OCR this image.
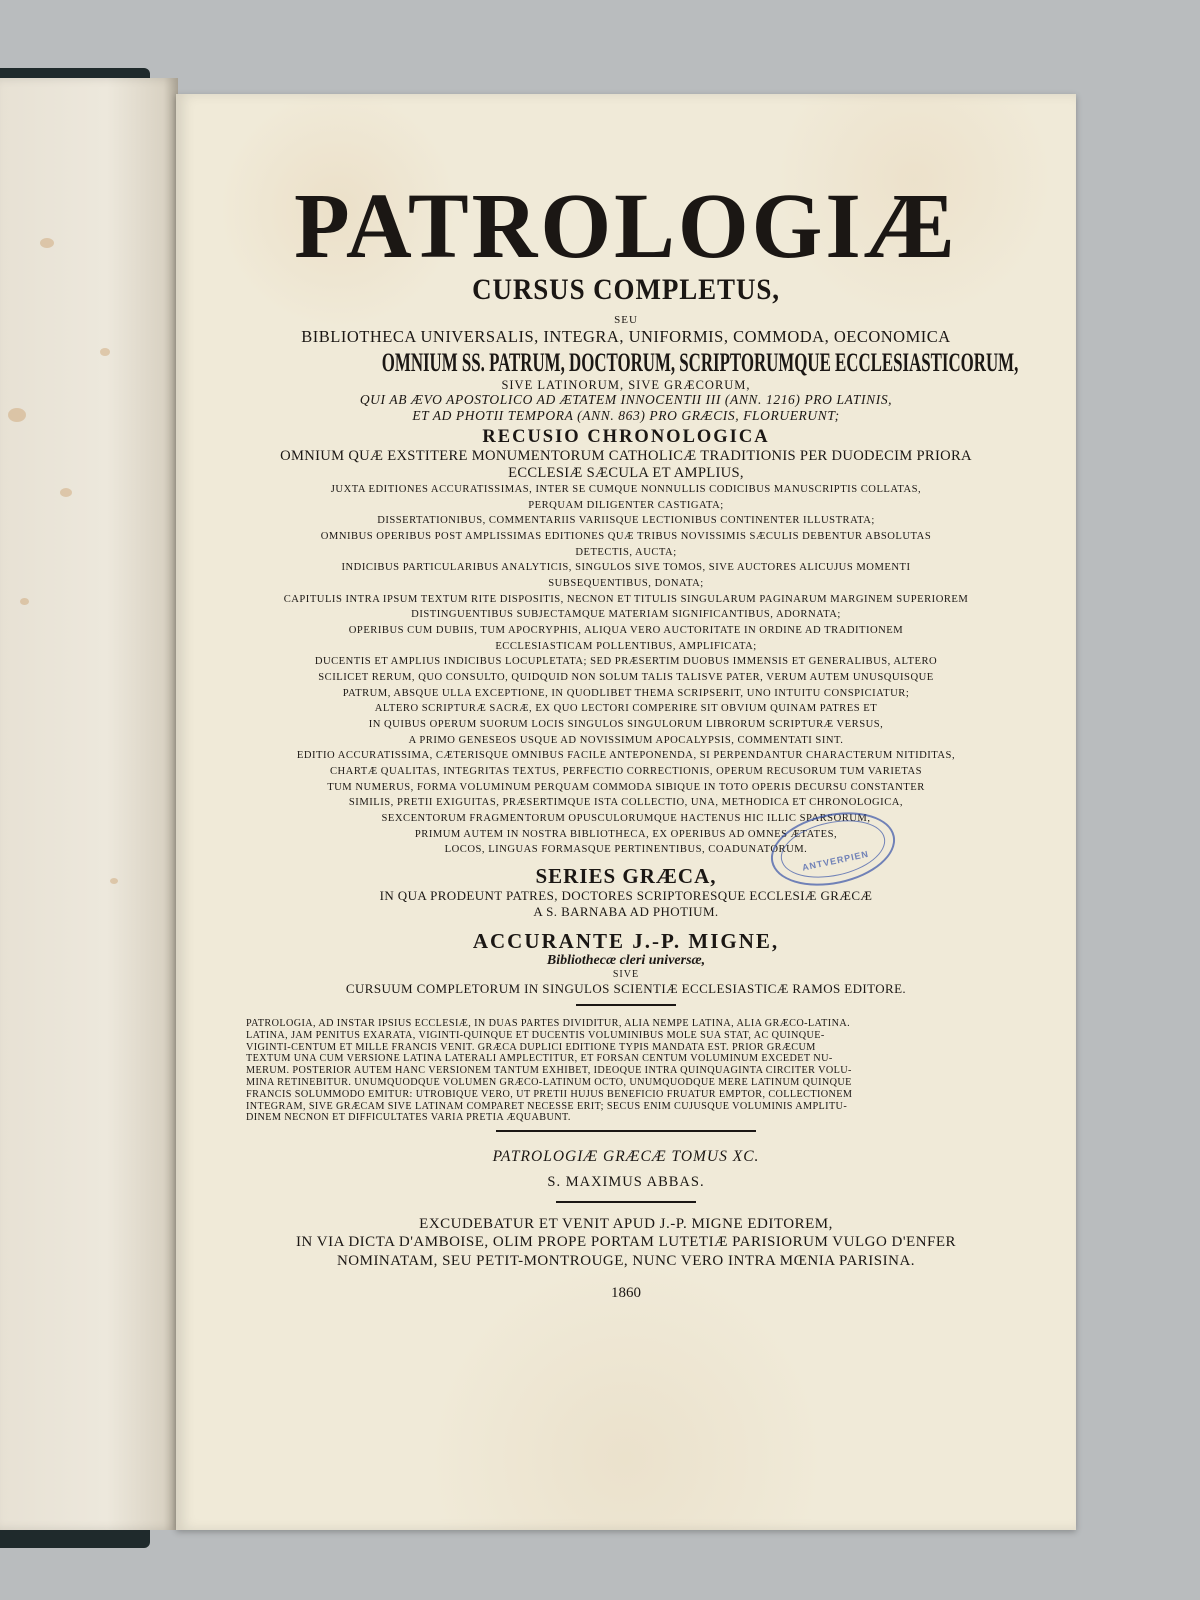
PATROLOGIÆ
CURSUS COMPLETUS,
SEU
BIBLIOTHECA UNIVERSALIS, INTEGRA, UNIFORMIS, COMMODA, OECONOMICA
OMNIUM SS. PATRUM, DOCTORUM, SCRIPTORUMQUE ECCLESIASTICORUM,
SIVE LATINORUM, SIVE GRÆCORUM,
QUI AB ÆVO APOSTOLICO AD ÆTATEM INNOCENTII III (ANN. 1216) PRO LATINIS,
ET AD PHOTII TEMPORA (ANN. 863) PRO GRÆCIS, FLORUERUNT;
RECUSIO CHRONOLOGICA
OMNIUM QUÆ EXSTITERE MONUMENTORUM CATHOLICÆ TRADITIONIS PER DUODECIM PRIORA
ECCLESIÆ SÆCULA ET AMPLIUS,
JUXTA EDITIONES ACCURATISSIMAS, INTER SE CUMQUE NONNULLIS CODICIBUS MANUSCRIPTIS COLLATAS,
PERQUAM DILIGENTER CASTIGATA;
DISSERTATIONIBUS, COMMENTARIIS VARIISQUE LECTIONIBUS CONTINENTER ILLUSTRATA;
OMNIBUS OPERIBUS POST AMPLISSIMAS EDITIONES QUÆ TRIBUS NOVISSIMIS SÆCULIS DEBENTUR ABSOLUTAS
DETECTIS, AUCTA;
INDICIBUS PARTICULARIBUS ANALYTICIS, SINGULOS SIVE TOMOS, SIVE AUCTORES ALICUJUS MOMENTI
SUBSEQUENTIBUS, DONATA;
CAPITULIS INTRA IPSUM TEXTUM RITE DISPOSITIS, NECNON ET TITULIS SINGULARUM PAGINARUM MARGINEM SUPERIOREM
DISTINGUENTIBUS SUBJECTAMQUE MATERIAM SIGNIFICANTIBUS, ADORNATA;
OPERIBUS CUM DUBIIS, TUM APOCRYPHIS, ALIQUA VERO AUCTORITATE IN ORDINE AD TRADITIONEM
ECCLESIASTICAM POLLENTIBUS, AMPLIFICATA;
DUCENTIS ET AMPLIUS INDICIBUS LOCUPLETATA; SED PRÆSERTIM DUOBUS IMMENSIS ET GENERALIBUS, ALTERO
SCILICET RERUM, QUO CONSULTO, QUIDQUID NON SOLUM TALIS TALISVE PATER, VERUM AUTEM UNUSQUISQUE
PATRUM, ABSQUE ULLA EXCEPTIONE, IN QUODLIBET THEMA SCRIPSERIT, UNO INTUITU CONSPICIATUR;
ALTERO SCRIPTURÆ SACRÆ, EX QUO LECTORI COMPERIRE SIT OBVIUM QUINAM PATRES ET
IN QUIBUS OPERUM SUORUM LOCIS SINGULOS SINGULORUM LIBRORUM SCRIPTURÆ VERSUS,
A PRIMO GENESEOS USQUE AD NOVISSIMUM APOCALYPSIS, COMMENTATI SINT.
EDITIO ACCURATISSIMA, CÆTERISQUE OMNIBUS FACILE ANTEPONENDA, SI PERPENDANTUR CHARACTERUM NITIDITAS,
CHARTÆ QUALITAS, INTEGRITAS TEXTUS, PERFECTIO CORRECTIONIS, OPERUM RECUSORUM TUM VARIETAS
TUM NUMERUS, FORMA VOLUMINUM PERQUAM COMMODA SIBIQUE IN TOTO OPERIS DECURSU CONSTANTER
SIMILIS, PRETII EXIGUITAS, PRÆSERTIMQUE ISTA COLLECTIO, UNA, METHODICA ET CHRONOLOGICA,
SEXCENTORUM FRAGMENTORUM OPUSCULORUMQUE HACTENUS HIC ILLIC SPARSORUM,
PRIMUM AUTEM IN NOSTRA BIBLIOTHECA, EX OPERIBUS AD OMNES ÆTATES,
LOCOS, LINGUAS FORMASQUE PERTINENTIBUS, COADUNATORUM.
SERIES GRÆCA,
IN QUA PRODEUNT PATRES, DOCTORES SCRIPTORESQUE ECCLESIÆ GRÆCÆ
A S. BARNABA AD PHOTIUM.
ACCURANTE J.-P. MIGNE,
Bibliothecæ cleri universæ,
SIVE
CURSUUM COMPLETORUM IN SINGULOS SCIENTIÆ ECCLESIASTICÆ RAMOS EDITORE.
PATROLOGIA, AD INSTAR IPSIUS ECCLESIÆ, IN DUAS PARTES DIVIDITUR, ALIA NEMPE LATINA, ALIA GRÆCO-LATINA.
LATINA, JAM PENITUS EXARATA, VIGINTI-QUINQUE ET DUCENTIS VOLUMINIBUS MOLE SUA STAT, AC QUINQUE-
VIGINTI-CENTUM ET MILLE FRANCIS VENIT. GRÆCA DUPLICI EDITIONE TYPIS MANDATA EST. PRIOR GRÆCUM
TEXTUM UNA CUM VERSIONE LATINA LATERALI AMPLECTITUR, ET FORSAN CENTUM VOLUMINUM EXCEDET NU-
MERUM. POSTERIOR AUTEM HANC VERSIONEM TANTUM EXHIBET, IDEOQUE INTRA QUINQUAGINTA CIRCITER VOLU-
MINA RETINEBITUR. UNUMQUODQUE VOLUMEN GRÆCO-LATINUM OCTO, UNUMQUODQUE MERE LATINUM QUINQUE
FRANCIS SOLUMMODO EMITUR: UTROBIQUE VERO, UT PRETII HUJUS BENEFICIO FRUATUR EMPTOR, COLLECTIONEM
INTEGRAM, SIVE GRÆCAM SIVE LATINAM COMPARET NECESSE ERIT; SECUS ENIM CUJUSQUE VOLUMINIS AMPLITU-
DINEM NECNON ET DIFFICULTATES VARIA PRETIA ÆQUABUNT.
PATROLOGIÆ GRÆCÆ TOMUS XC.
S. MAXIMUS ABBAS.
EXCUDEBATUR ET VENIT APUD J.-P. MIGNE EDITOREM,
IN VIA DICTA D'AMBOISE, OLIM PROPE PORTAM LUTETIÆ PARISIORUM VULGO D'ENFER
NOMINATAM, SEU PETIT-MONTROUGE, NUNC VERO INTRA MŒNIA PARISINA.
1860
ANTVERPIEN
